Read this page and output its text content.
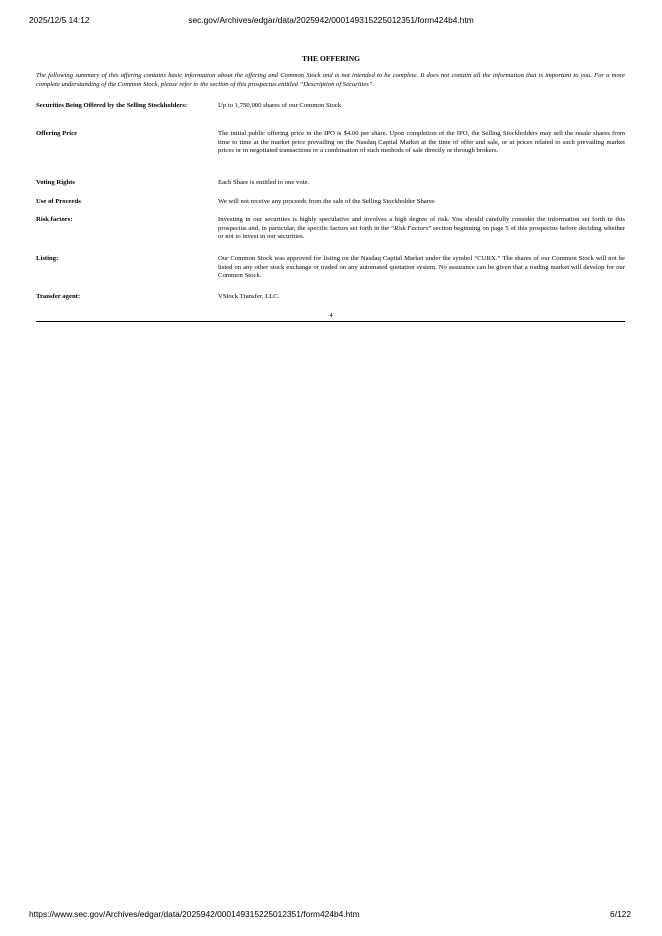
2025/12/5 14:12	sec.gov/Archives/edgar/data/2025942/000149315225012351/form424b4.htm
THE OFFERING
The following summary of this offering contains basic information about the offering and Common Stock and is not intended to be complete. It does not contain all the information that is important to you. For a more complete understanding of the Common Stock, please refer to the section of this prospectus entitled “Description of Securities”.
Securities Being Offered by the Selling Stockholders:	Up to 1,750,000 shares of our Common Stock
Offering Price	The initial public offering price in the IPO is $4.00 per share. Upon completion of the IPO, the Selling Stockholders may sell the resale shares from time to time at the market price prevailing on the Nasdaq Capital Market at the time of offer and sale, or at prices related to such prevailing market prices or in negotiated transactions or a combination of such methods of sale directly or through brokers.
Voting Rights	Each Share is entitled to one vote.
Use of Proceeds	We will not receive any proceeds from the sale of the Selling Stockholder Shares
Risk factors:	Investing in our securities is highly speculative and involves a high degree of risk. You should carefully consider the information set forth in this prospectus and, in particular, the specific factors set forth in the “Risk Factors” section beginning on page 5 of this prospectus before deciding whether or not to invest in our securities.
Listing:	Our Common Stock was approved for listing on the Nasdaq Capital Market under the symbol “CURX.” The shares of our Common Stock will not be listed on any other stock exchange or traded on any automated quotation system. No assurance can be given that a trading market will develop for our Common Stock.
Transfer agent:	VStock Transfer, LLC.
4
https://www.sec.gov/Archives/edgar/data/2025942/000149315225012351/form424b4.htm	6/122
